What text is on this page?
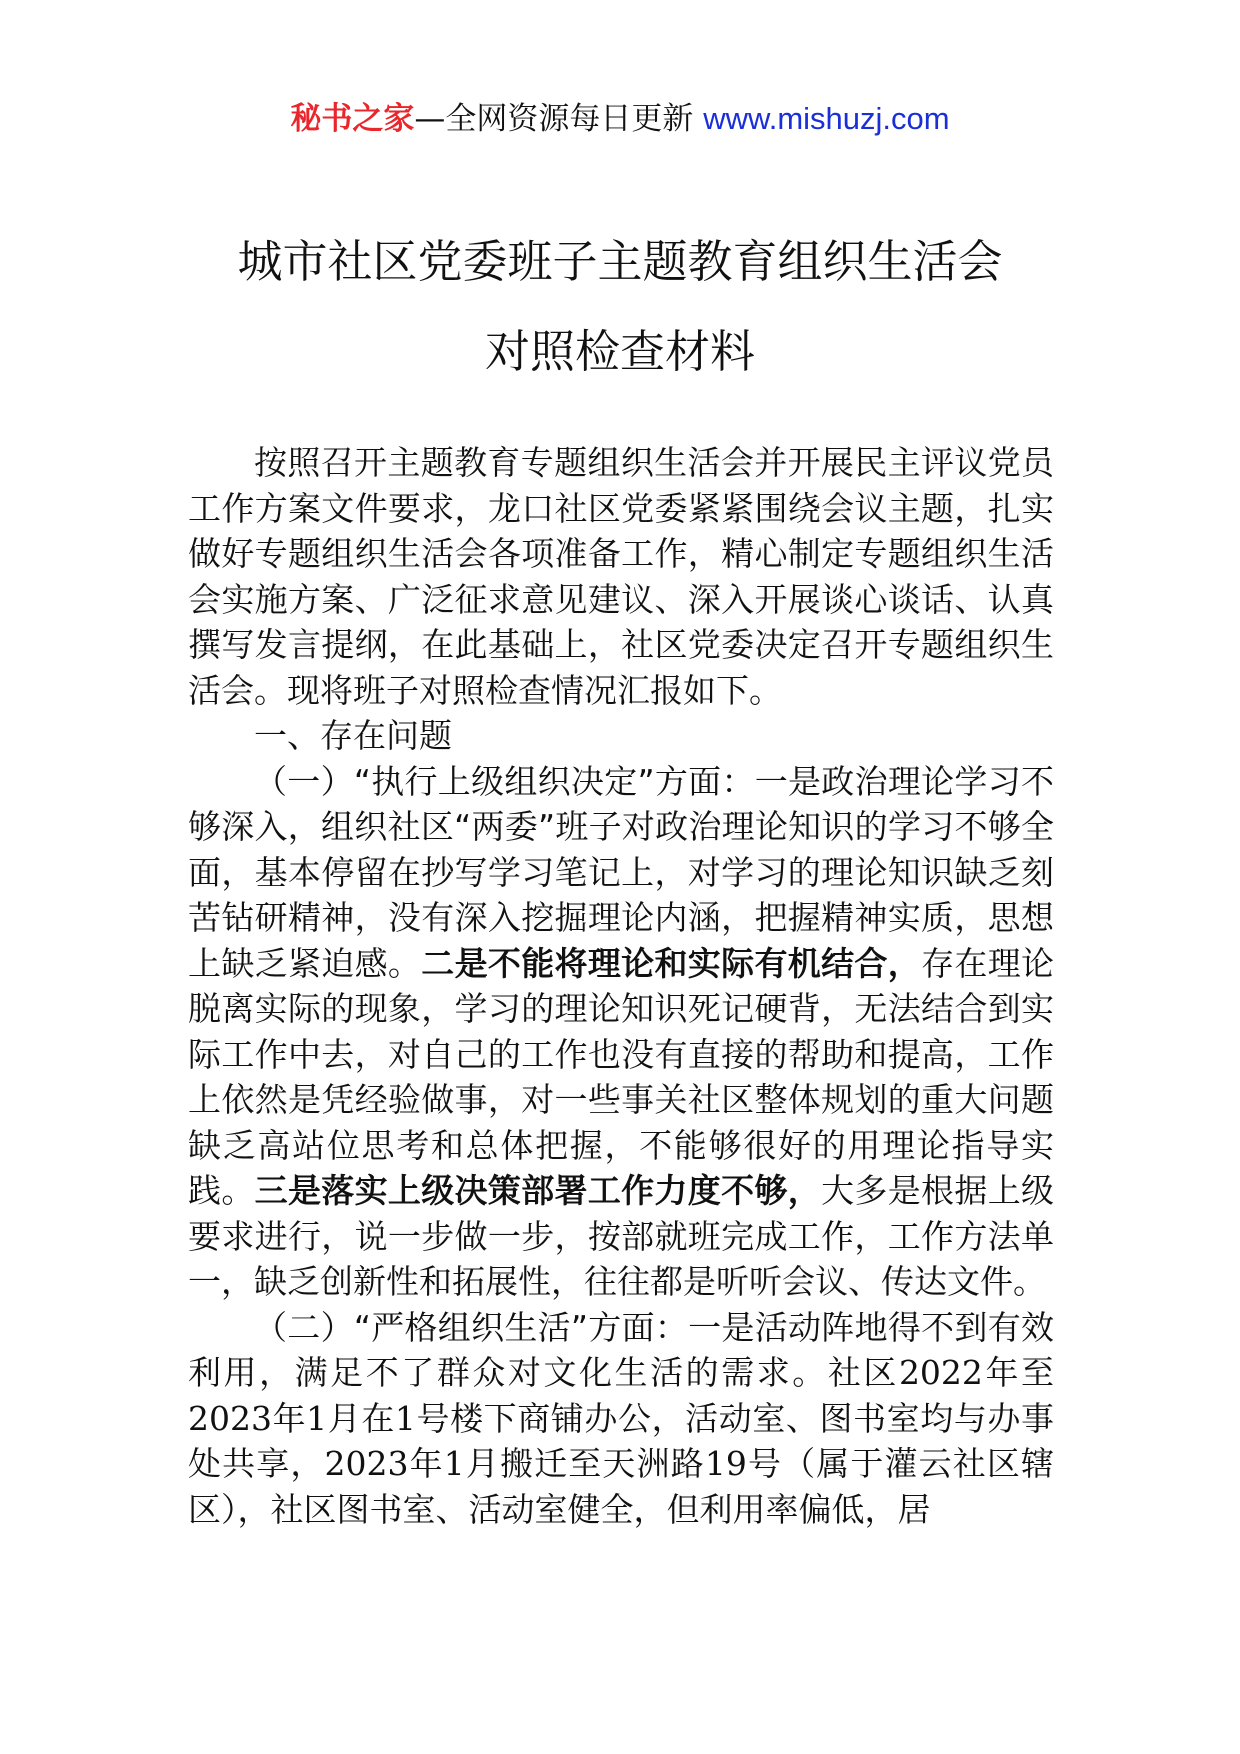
秘书之家—全网资源每日更新 www.mishuzj.com
城市社区党委班子主题教育组织生活会
对照检查材料

按照召开主题教育专题组织生活会并开展民主评议党员工作方案文件要求，龙口社区党委紧紧围绕会议主题，扎实做好专题组织生活会各项准备工作，精心制定专题组织生活会实施方案、广泛征求意见建议、深入开展谈心谈话、认真撰写发言提纲，在此基础上，社区党委决定召开专题组织生活会。现将班子对照检查情况汇报如下。

一、存在问题

（一）“执行上级组织决定”方面：一是政治理论学习不够深入，组织社区“两委”班子对政治理论知识的学习不够全面，基本停留在抄写学习笔记上，对学习的理论知识缺乏刻苦钻研精神，没有深入挖掘理论内涵，把握精神实质，思想上缺乏紧迫感。二是不能将理论和实际有机结合，存在理论脱离实际的现象，学习的理论知识死记硬背，无法结合到实际工作中去，对自己的工作也没有直接的帮助和提高，工作上依然是凭经验做事，对一些事关社区整体规划的重大问题缺乏高站位思考和总体把握，不能够很好的用理论指导实践。三是落实上级决策部署工作力度不够，大多是根据上级要求进行，说一步做一步，按部就班完成工作，工作方法单一，缺乏创新性和拓展性，往往都是听听会议、传达文件。

（二）“严格组织生活”方面：一是活动阵地得不到有效利用，满足不了群众对文化生活的需求。社区2022年至2023年1月在1号楼下商铺办公，活动室、图书室均与办事处共享，2023年1月搬迁至天洲路19号（属于灌云社区辖区），社区图书室、活动室健全，但利用率偏低，居
